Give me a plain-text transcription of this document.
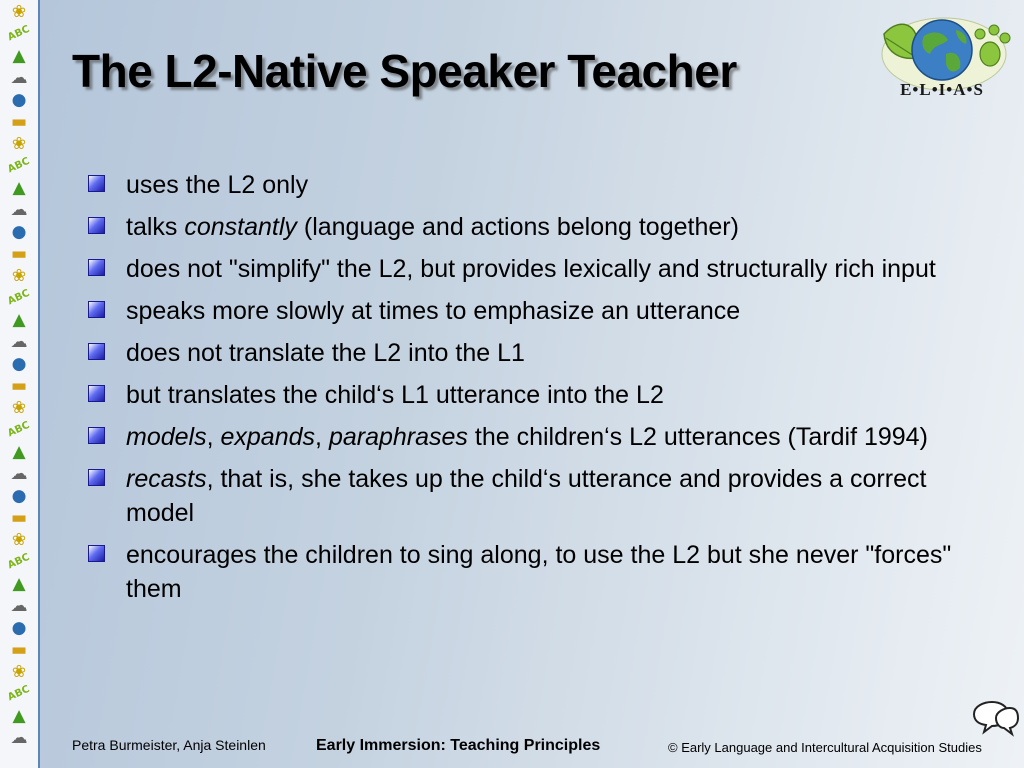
❀
ABC
▲
☁
●
▬
❀
ABC
▲
☁
●
▬
❀
ABC
▲
☁
●
▬
❀
ABC
▲
☁
●
▬
❀
ABC
▲
☁
●
▬
❀
ABC
▲
☁
The L2-Native Speaker Teacher	E•L•I•A•S
uses the L2 only
talks constantly (language and actions belong together)
does not "simplify" the L2, but provides lexically and structurally rich input
speaks more slowly at times to emphasize an utterance
does not translate the L2 into the L1
but translates the child‘s L1 utterance into the L2
models, expands, paraphrases the children‘s L2 utterances (Tardif 1994)
recasts, that is, she takes up the child‘s utterance and provides a correct model
encourages the children to sing along, to use the L2 but she never "forces" them
Petra Burmeister, Anja Steinlen	Early Immersion: Teaching Principles	© Early Language and Intercultural Acquisition Studies
